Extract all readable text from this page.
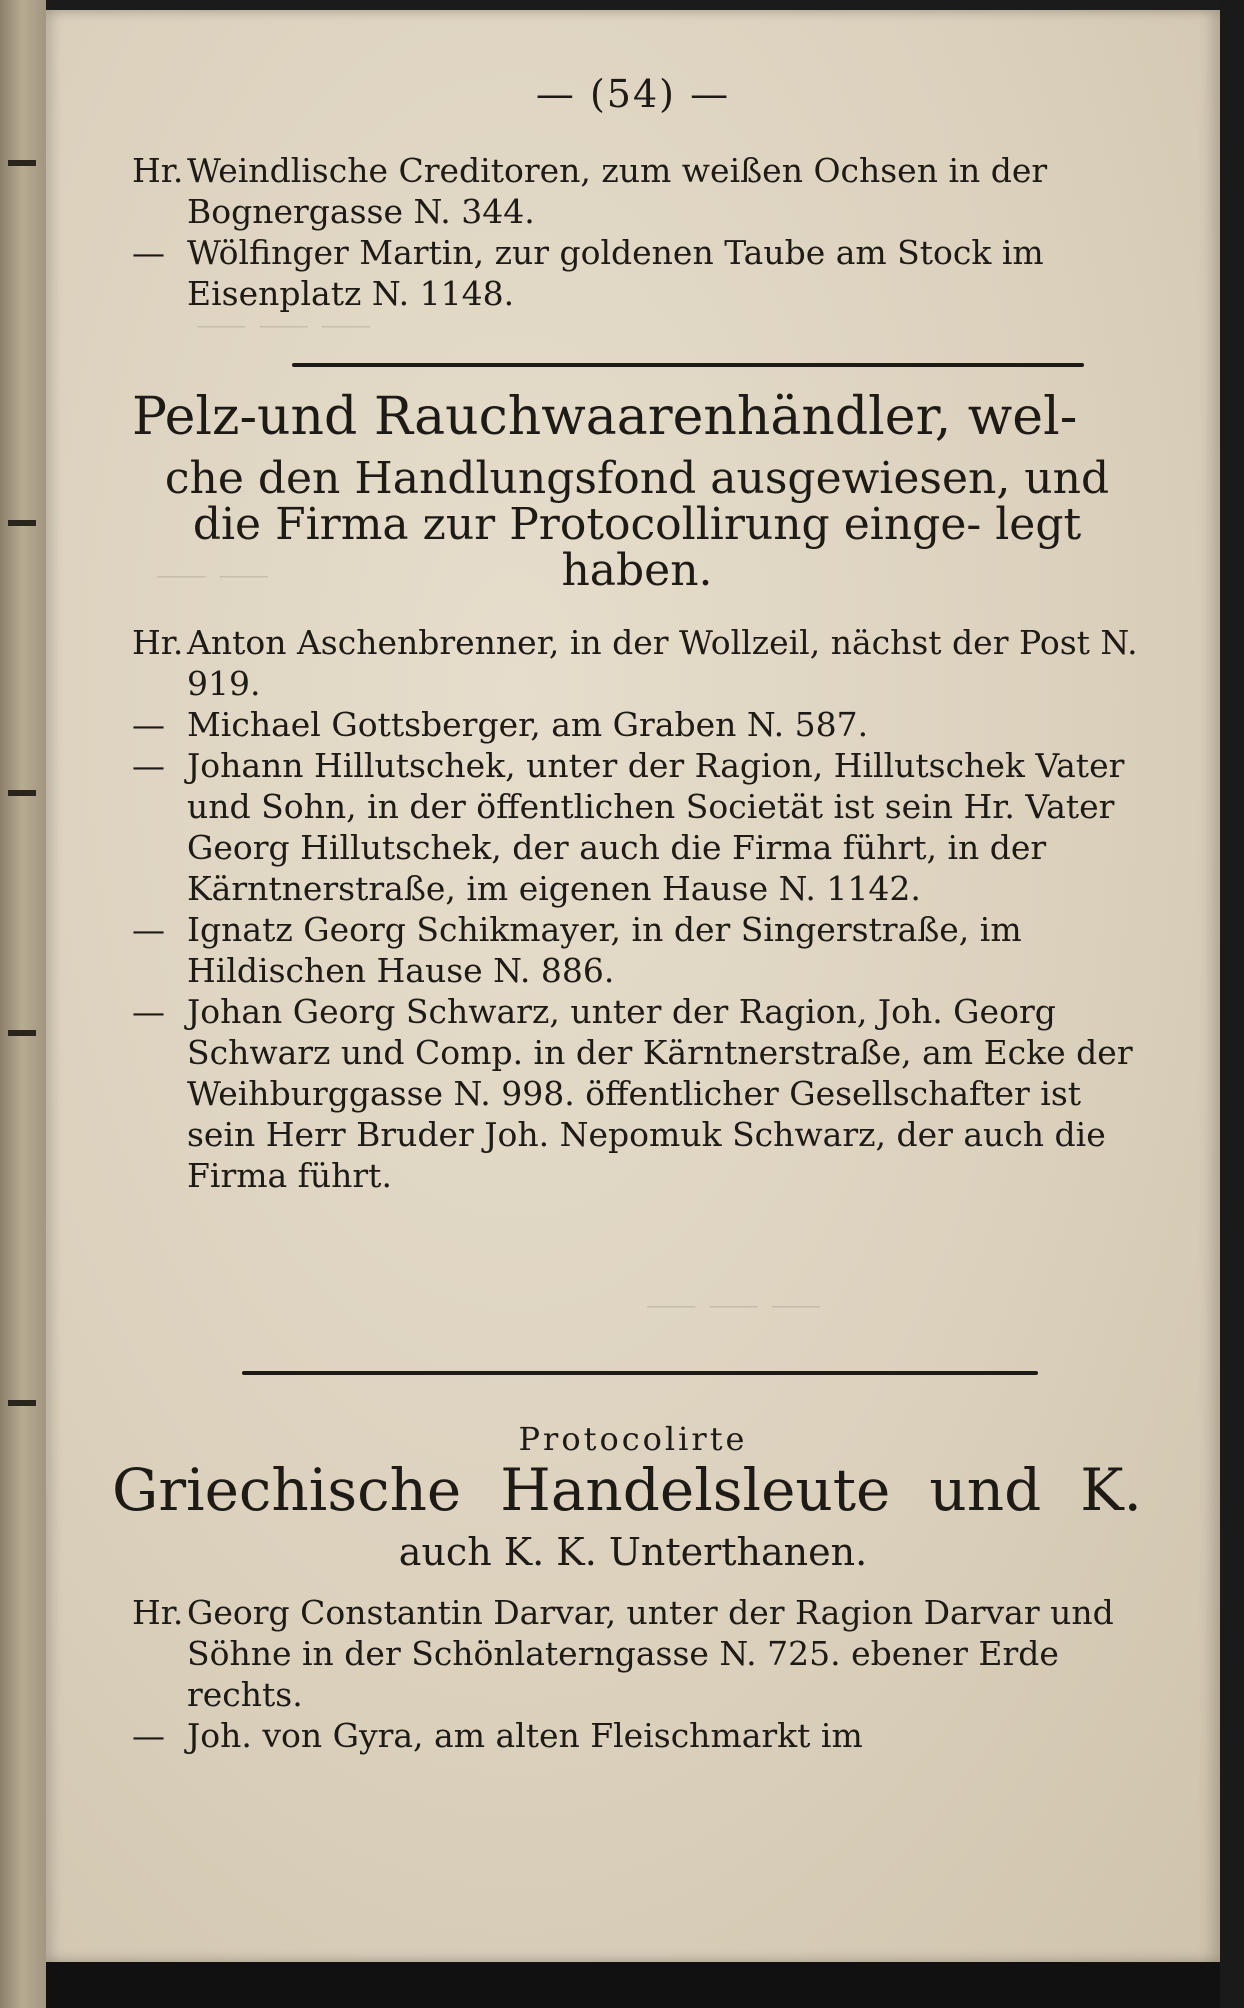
⸺ ⸺ ⸺
⸺ ⸺
⸺ ⸺ ⸺
— (54) —
Hr. Weindlische Creditoren, zum weißen Ochsen in der Bognergasse N. 344.
— Wölfinger Martin, zur goldenen Taube am Stock im Eisenplatz N. 1148.
Pelz-und Rauchwaarenhändler, wel-
che den Handlungsfond ausgewiesen, und die Firma zur Protocollirung einge- legt haben.
Hr. Anton Aschenbrenner, in der Wollzeil, nächst der Post N. 919.
— Michael Gottsberger, am Graben N. 587.
— Johann Hillutschek, unter der Ragion, Hillutschek Vater und Sohn, in der öffentlichen Societät ist sein Hr. Vater Georg Hillutschek, der auch die Firma führt, in der Kärntnerstraße, im eigenen Hause N. 1142.
— Ignatz Georg Schikmayer, in der Singerstraße, im Hildischen Hause N. 886.
— Johan Georg Schwarz, unter der Ragion, Joh. Georg Schwarz und Comp. in der Kärntnerstraße, am Ecke der Weihburggasse N. 998. öffentlicher Gesellschafter ist sein Herr Bruder Joh. Nepomuk Schwarz, der auch die Firma führt.
Protocolirte
Griechische Handelsleute und K.
auch K. K. Unterthanen.
Hr. Georg Constantin Darvar, unter der Ragion Darvar und Söhne in der Schönlaterngasse N. 725. ebener Erde rechts.
— Joh. von Gyra, am alten Fleischmarkt im
